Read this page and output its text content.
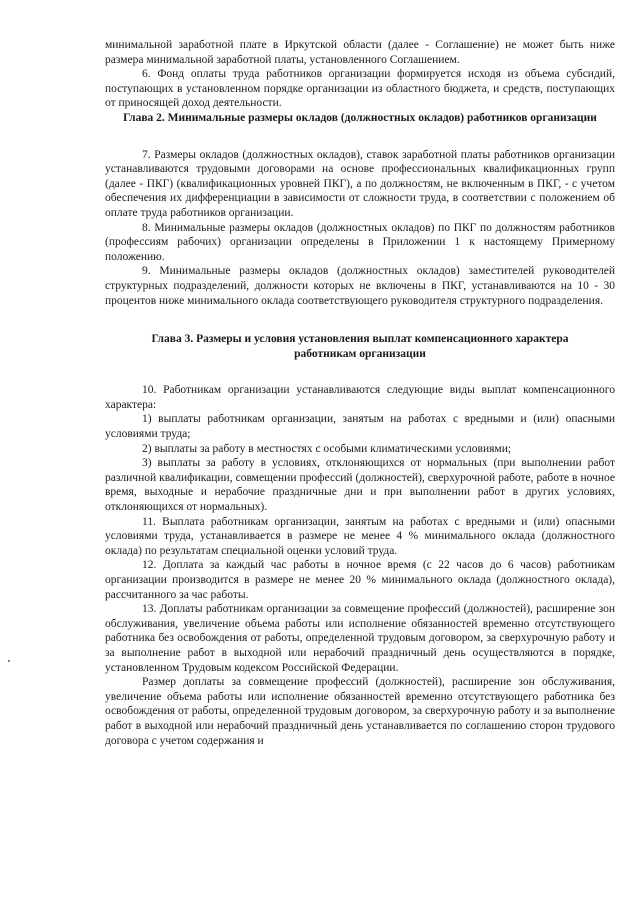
минимальной заработной плате в Иркутской области (далее - Соглашение) не может быть ниже размера минимальной заработной платы, установленного Соглашением.

6. Фонд оплаты труда работников организации формируется исходя из объема субсидий, поступающих в установленном порядке организации из областного бюджета, и средств, поступающих от приносящей доход деятельности.

Глава 2. Минимальные размеры окладов (должностных окладов) работников организации

7. Размеры окладов (должностных окладов), ставок заработной платы работников организации устанавливаются трудовыми договорами на основе профессиональных квалификационных групп (далее - ПКГ) (квалификационных уровней ПКГ), а по должностям, не включенным в ПКГ, - с учетом обеспечения их дифференциации в зависимости от сложности труда, в соответствии с положением об оплате труда работников организации.

8. Минимальные размеры окладов (должностных окладов) по ПКГ по должностям работников (профессиям рабочих) организации определены в Приложении 1 к настоящему Примерному положению.

9. Минимальные размеры окладов (должностных окладов) заместителей руководителей структурных подразделений, должности которых не включены в ПКГ, устанавливаются на 10 - 30 процентов ниже минимального оклада соответствующего руководителя структурного подразделения.

Глава 3. Размеры и условия установления выплат компенсационного характера работникам организации

10. Работникам организации устанавливаются следующие виды выплат компенсационного характера:

1) выплаты работникам организации, занятым на работах с вредными и (или) опасными условиями труда;

2) выплаты за работу в местностях с особыми климатическими условиями;

3) выплаты за работу в условиях, отклоняющихся от нормальных (при выполнении работ различной квалификации, совмещении профессий (должностей), сверхурочной работе, работе в ночное время, выходные и нерабочие праздничные дни и при выполнении работ в других условиях, отклоняющихся от нормальных).

11. Выплата работникам организации, занятым на работах с вредными и (или) опасными условиями труда, устанавливается в размере не менее 4 % минимального оклада (должностного оклада) по результатам специальной оценки условий труда.

12. Доплата за каждый час работы в ночное время (с 22 часов до 6 часов) работникам организации производится в размере не менее 20 % минимального оклада (должностного оклада), рассчитанного за час работы.

13. Доплаты работникам организации за совмещение профессий (должностей), расширение зон обслуживания, увеличение объема работы или исполнение обязанностей временно отсутствующего работника без освобождения от работы, определенной трудовым договором, за сверхурочную работу и за выполнение работ в выходной или нерабочий праздничный день осуществляются в порядке, установленном Трудовым кодексом Российской Федерации.

Размер доплаты за совмещение профессий (должностей), расширение зон обслуживания, увеличение объема работы или исполнение обязанностей временно отсутствующего работника без освобождения от работы, определенной трудовым договором, за сверхурочную работу и за выполнение работ в выходной или нерабочий праздничный день устанавливается по соглашению сторон трудового договора с учетом содержания и
